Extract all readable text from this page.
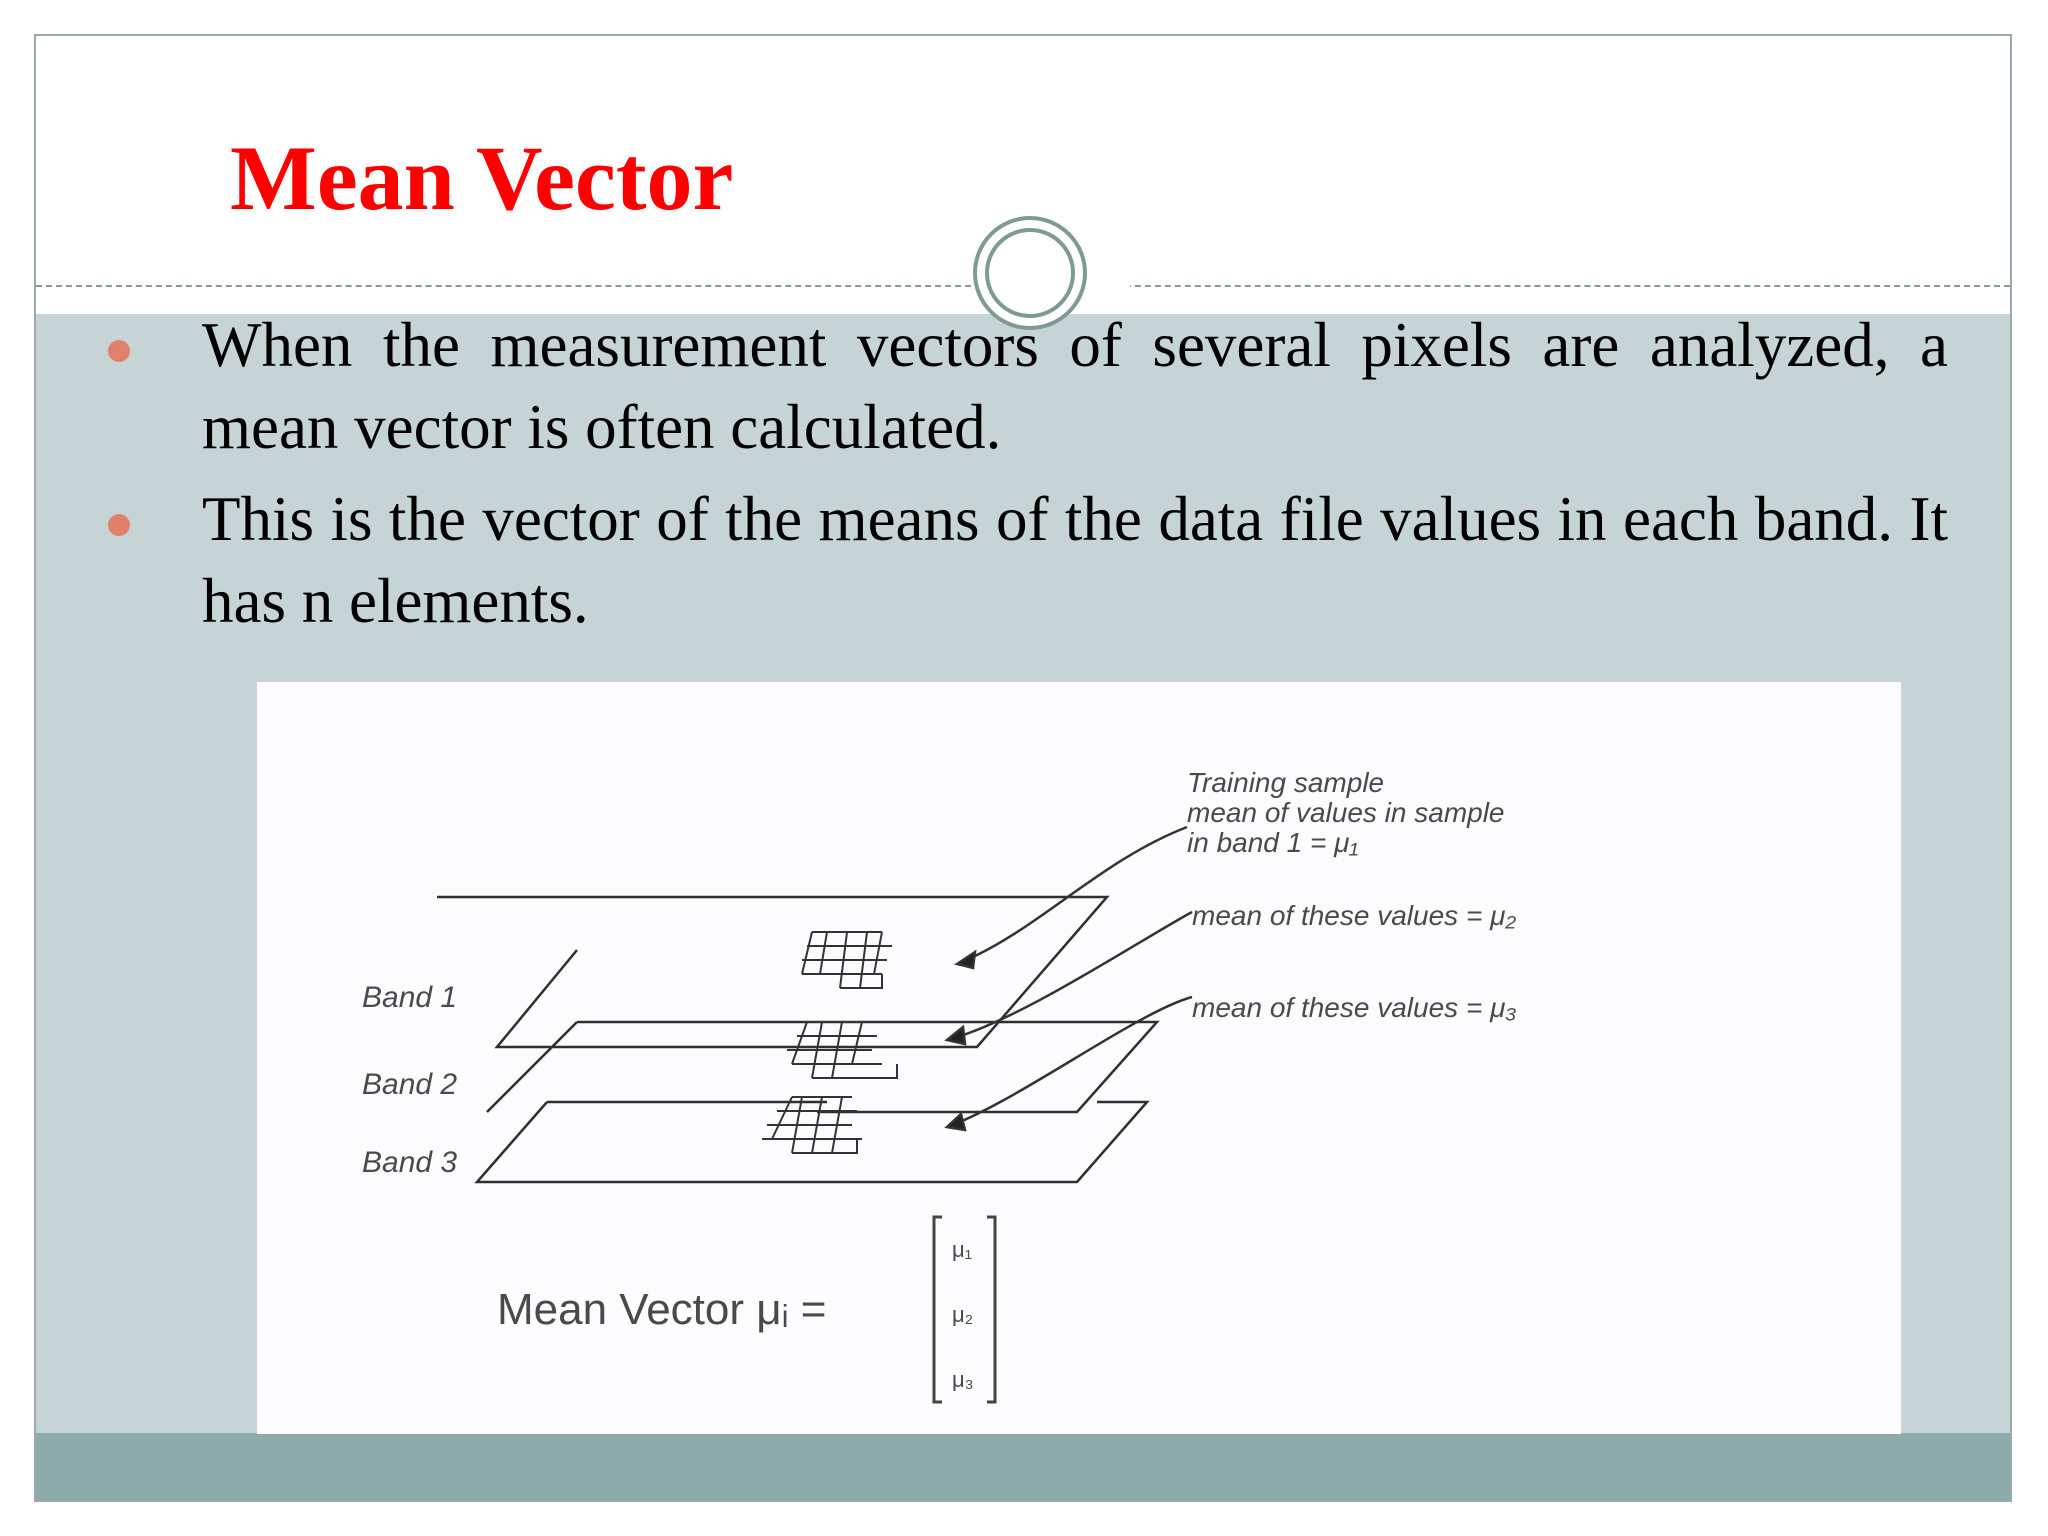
Mean Vector
When the measurement vectors of several pixels are analyzed, a mean vector is often calculated.
This is the vector of the means of the data file values in each band. It has n elements.
Band 1
Band 2
Band 3
Training sample
mean of values in sample
in band 1 = μ₁
mean of these values = μ₂
mean of these values = μ₃
Mean Vector μᵢ =
μ₁
μ₂
μ₃
